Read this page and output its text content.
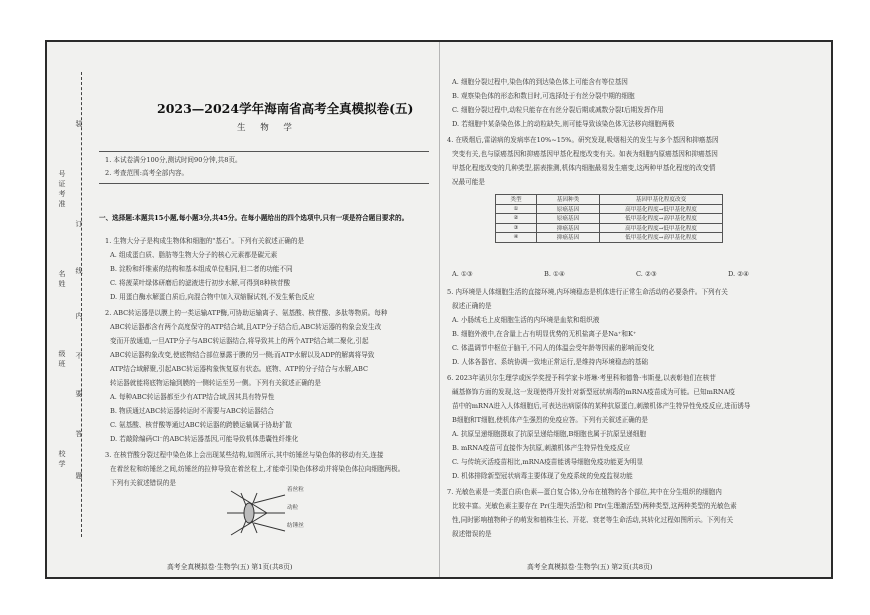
号
证
考
准
名
姓
级
班
校
学
装
订
线
内
不
要
答
题
2023—2024学年海南省高考全真模拟卷(五)
生 物 学
1. 本试卷满分100分,测试时间90分钟,共8页。
2. 考查范围:高考全部内容。
一、选择题:本题共15小题,每小题3分,共45分。在每小题给出的四个选项中,只有一项是符合题目要求的。
1. 生物大分子是构成生物体和细胞的"基石"。下列有关叙述正确的是
A. 组成蛋白质、脂肪等生物大分子的核心元素都是碳元素
B. 淀粉和纤维素的结构和基本组成单位相同,但二者的功能不同
C. 将菠菜叶绿体研磨后的滤液进行初步水解,可得到8种核苷酸
D. 用蛋白酶水解蛋白质后,向混合物中加入双缩脲试剂,不发生紫色反应
2. ABC转运器是以膜上的一类运输ATP酶,可协助运输离子、氨基酸、核苷酸、多肽等物质。每种
ABC转运器都含有两个高度保守的ATP结合域,且ATP分子结合后,ABC转运器的构象会发生改
变而开放通道,一旦ATP分子与ABC转运器结合,将导致其上的两个ATP结合域二聚化,引起
ABC转运器构象改变,使底物结合部位暴露于膜的另一侧;而ATP水解以及ADP的解离将导致
ATP结合域解聚,引起ABC转运器构象恢复原有状态。底物、ATP的分子结合与水解,ABC
转运器就能将底物运输到膜的一侧转运至另一侧。下列有关叙述正确的是
A. 每种ABC转运器都至少有ATP结合域,因其具有特异性
B. 物质通过ABC转运器转运时不需要与ABC转运器结合
C. 氨基酸、核苷酸等通过ABC转运器的跨膜运输属于协助扩散
D. 若敲除编码Cl⁻的ABC转运器基因,可能导致机体患囊性纤维化
3. 在核苷酸分裂过程中染色体上会出现某些结构,如图所示,其中纺锤丝与染色体的移动有关,连接
在着丝粒和纺锤丝之间,纺锤丝的拉伸导致在着丝粒上,才能牵引染色体移动并将染色体拉向细胞两极。
下列有关叙述错误的是
着丝粒
动粒
纺锤丝
高考全真模拟卷·生物学(五) 第1页(共8页)
A. 细胞分裂过程中,染色体的到达染色体上可能含有等位基因
B. 观察染色体的形态和数目时,可选择处于有丝分裂中期的细胞
C. 细胞分裂过程中,动粒只能存在有丝分裂后期或减数分裂Ⅰ后期发挥作用
D. 若细胞中某条染色体上的动粒缺失,则可能导致该染色体无法移向细胞两极
4. 在吸烟后,雷诺病的发病率在10%~15%。研究发现,吸烟相关的发生与多个基因和抑癌基因
突变有关,也与原癌基因和抑癌基因甲基化程度改变有关。如表为细胞内原癌基因和抑癌基因
甲基化程度改变的几种类型,据表推测,机体内细胞最易发生癌变,这两种甲基化程度的改变情
况最可能是
类型	基因种类	基因甲基化程度改变
①	原癌基因	高甲基化程度→低甲基化程度
②	原癌基因	低甲基化程度→高甲基化程度
③	抑癌基因	高甲基化程度→低甲基化程度
④	抑癌基因	低甲基化程度→高甲基化程度
A. ①③	B. ①④	C. ②③	D. ②④
5. 内环境是人体细胞生活的直接环境,内环境稳态是机体进行正常生命活动的必要条件。下列有关
叙述正确的是
A. 小肠绒毛上皮细胞生活的内环境是血浆和组织液
B. 细胞外液中,在含量上占有明显优势的无机盐离子是Na⁺和K⁺
C. 体温调节中枢位于脑干,不同人的体温会受年龄等因素的影响而变化
D. 人体各器官、系统协调一致地正常运行,是维持内环境稳态的基础
6. 2023年诺贝尔生理学或医学奖授予科学家卡塔琳·考里科和德鲁·韦斯曼,以表彰他们在核苷
碱基修饰方面的发现,这一发现使得开发针对新型冠状病毒的mRNA疫苗成为可能。已知mRNA疫
苗中的mRNA进入人体细胞后,可表达出病原体的某种抗原蛋白,刺激机体产生特异性免疫反应,进而诱导
B细胞和T细胞,使机体产生强烈的免疫应答。下列有关叙述正确的是
A. 抗原呈递细胞摄取了抗原呈递给细胞,B细胞也属于抗原呈递细胞
B. mRNA疫苗可直接作为抗原,刺激机体产生特异性免疫反应
C. 与传统灭活疫苗相比,mRNA疫苗能诱导细胞免疫功能更为明显
D. 机体排除新型冠状病毒主要体现了免疫系统的免疫监视功能
7. 光敏色素是一类蛋白质(色素—蛋白复合体),分布在植物的各个部位,其中在分生组织的细胞内
比较丰富。光敏色素主要存在 Pr(生理失活型)和 Pfr(生理激活型)两种类型,这两种类型的光敏色素
性,同时影响植物种子的萌发和植株生长、开花、衰老等生命活动,其转化过程如图所示。下列有关
叙述错误的是
高考全真模拟卷·生物学(五) 第2页(共8页)
